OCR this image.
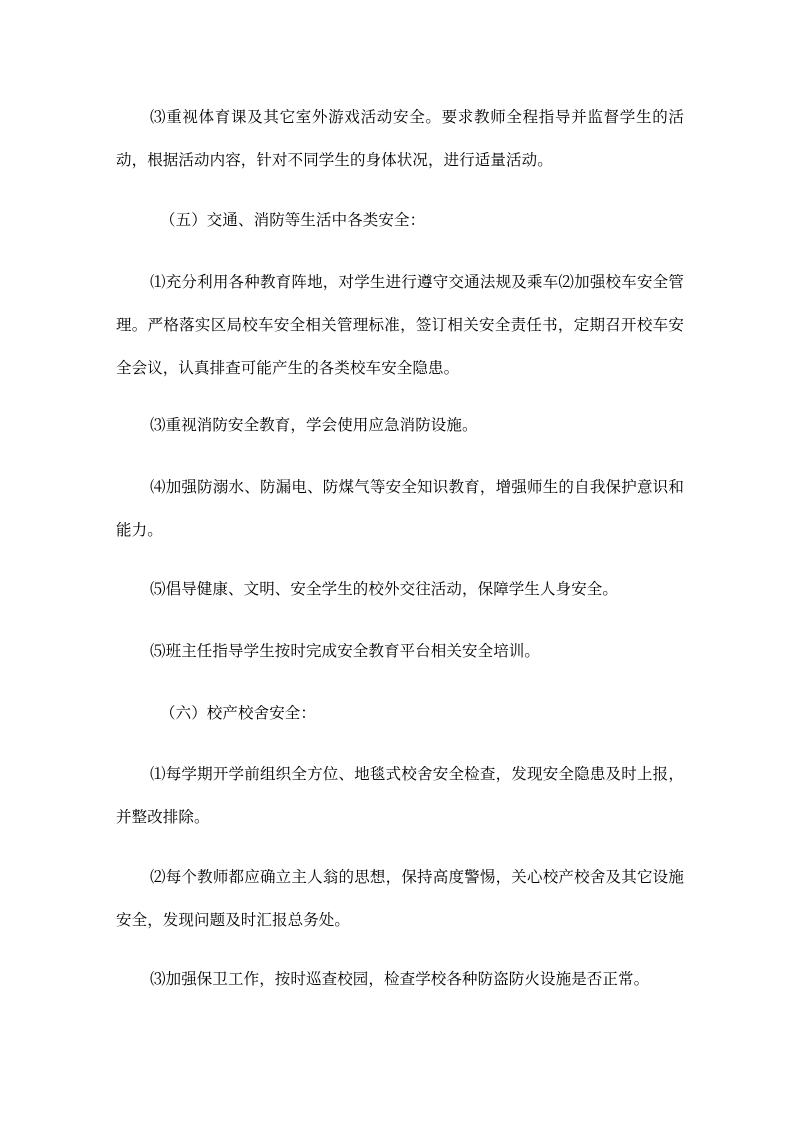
⑶重视体育课及其它室外游戏活动安全。要求教师全程指导并监督学生的活动，根据活动内容，针对不同学生的身体状况，进行适量活动。

（五）交通、消防等生活中各类安全：

⑴充分利用各种教育阵地，对学生进行遵守交通法规及乘车⑵加强校车安全管理。严格落实区局校车安全相关管理标准，签订相关安全责任书，定期召开校车安全会议，认真排查可能产生的各类校车安全隐患。

⑶重视消防安全教育，学会使用应急消防设施。

⑷加强防溺水、防漏电、防煤气等安全知识教育，增强师生的自我保护意识和能力。

⑸倡导健康、文明、安全学生的校外交往活动，保障学生人身安全。

⑸班主任指导学生按时完成安全教育平台相关安全培训。

（六）校产校舍安全：

⑴每学期开学前组织全方位、地毯式校舍安全检查，发现安全隐患及时上报，并整改排除。

⑵每个教师都应确立主人翁的思想，保持高度警惕，关心校产校舍及其它设施安全，发现问题及时汇报总务处。

⑶加强保卫工作，按时巡查校园，检查学校各种防盗防火设施是否正常。
